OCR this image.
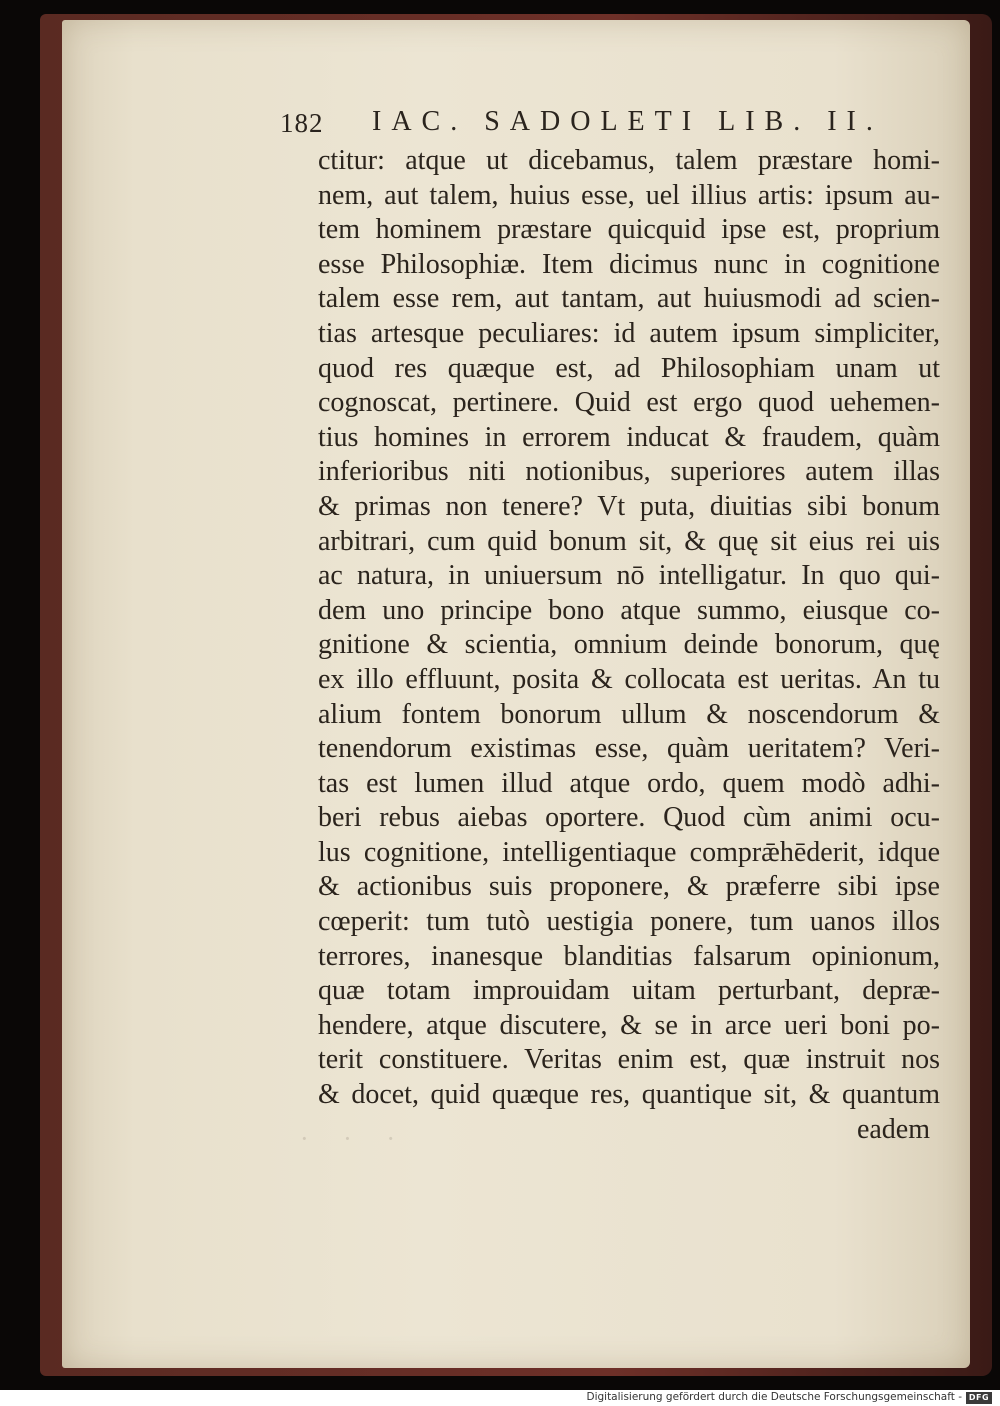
182 IAC. SADOLETI LIB. II.
ctitur: atque ut dicebamus, talem præstare homi-
nem, aut talem, huius esse, uel illius artis: ipsum au-
tem hominem præstare quicquid ipse est, proprium
esse Philosophiæ. Item dicimus nunc in cognitione
talem esse rem, aut tantam, aut huiusmodi ad scien-
tias artesque peculiares: id autem ipsum simpliciter,
quod res quæque est, ad Philosophiam unam ut
cognoscat, pertinere. Quid est ergo quod uehemen-
tius homines in errorem inducat & fraudem, quàm
inferioribus niti notionibus, superiores autem illas
& primas non tenere? Vt puta, diuitias sibi bonum
arbitrari, cum quid bonum sit, & quę sit eius rei uis
ac natura, in uniuersum nō intelligatur. In quo qui-
dem uno principe bono atque summo, eiusque co-
gnitione & scientia, omnium deinde bonorum, quę
ex illo effluunt, posita & collocata est ueritas. An tu
alium fontem bonorum ullum & noscendorum &
tenendorum existimas esse, quàm ueritatem? Veri-
tas est lumen illud atque ordo, quem modò adhi-
beri rebus aiebas oportere. Quod cùm animi ocu-
lus cognitione, intelligentiaque comprǣhēderit, idque
& actionibus suis proponere, & præferre sibi ipse
cœperit: tum tutò uestigia ponere, tum uanos illos
terrores, inanesque blanditias falsarum opinionum,
quæ totam improuidam uitam perturbant, depræ-
hendere, atque discutere, & se in arce ueri boni po-
terit constituere. Veritas enim est, quæ instruit nos
& docet, quid quæque res, quantique sit, & quantum
eadem
· · ·
Digitalisierung gefördert durch die Deutsche Forschungsgemeinschaft - DFG
